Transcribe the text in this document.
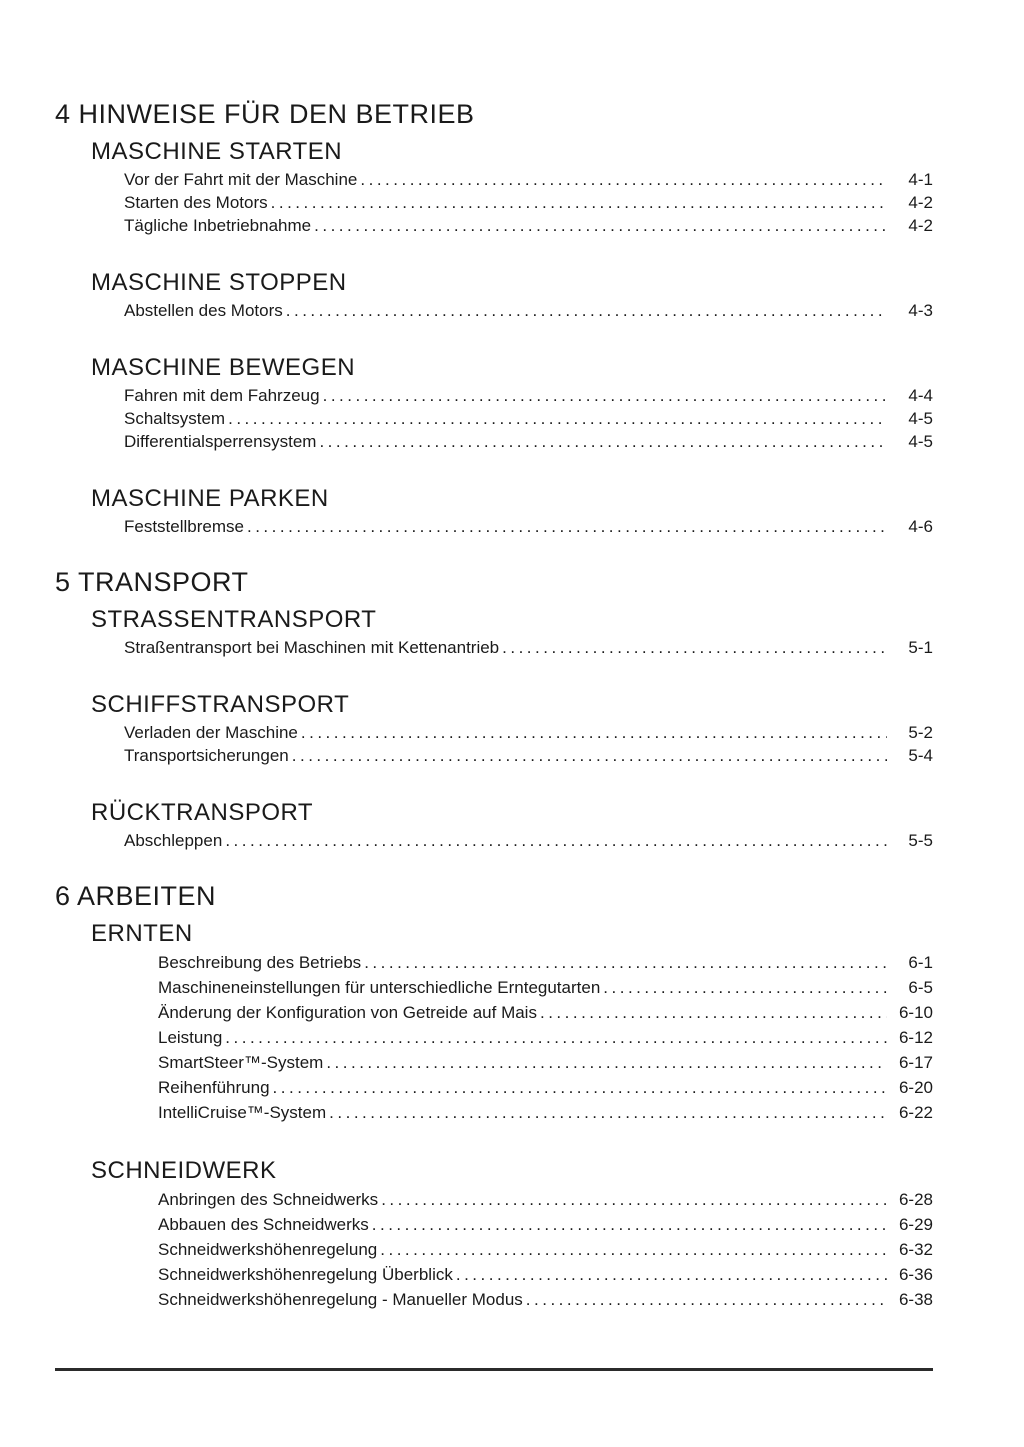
4 HINWEISE FÜR DEN BETRIEB
MASCHINE STARTEN
Vor der Fahrt mit der Maschine .....	4-1
Starten des Motors .....	4-2
Tägliche Inbetriebnahme .....	4-2
MASCHINE STOPPEN
Abstellen des Motors .....	4-3
MASCHINE BEWEGEN
Fahren mit dem Fahrzeug .....	4-4
Schaltsystem .....	4-5
Differentialsperrensystem .....	4-5
MASCHINE PARKEN
Feststellbremse .....	4-6
5 TRANSPORT
STRASSENTRANSPORT
Straßentransport bei Maschinen mit Kettenantrieb .....	5-1
SCHIFFSTRANSPORT
Verladen der Maschine .....	5-2
Transportsicherungen .....	5-4
RÜCKTRANSPORT
Abschleppen .....	5-5
6 ARBEITEN
ERNTEN
Beschreibung des Betriebs .....	6-1
Maschineneinstellungen für unterschiedliche Erntegutarten .....	6-5
Änderung der Konfiguration von Getreide auf Mais .....	6-10
Leistung .....	6-12
SmartSteer™-System .....	6-17
Reihenführung .....	6-20
IntelliCruise™-System .....	6-22
SCHNEIDWERK
Anbringen des Schneidwerks .....	6-28
Abbauen des Schneidwerks .....	6-29
Schneidwerkshöhenregelung .....	6-32
Schneidwerkshöhenregelung Überblick .....	6-36
Schneidwerkshöhenregelung - Manueller Modus .....	6-38
